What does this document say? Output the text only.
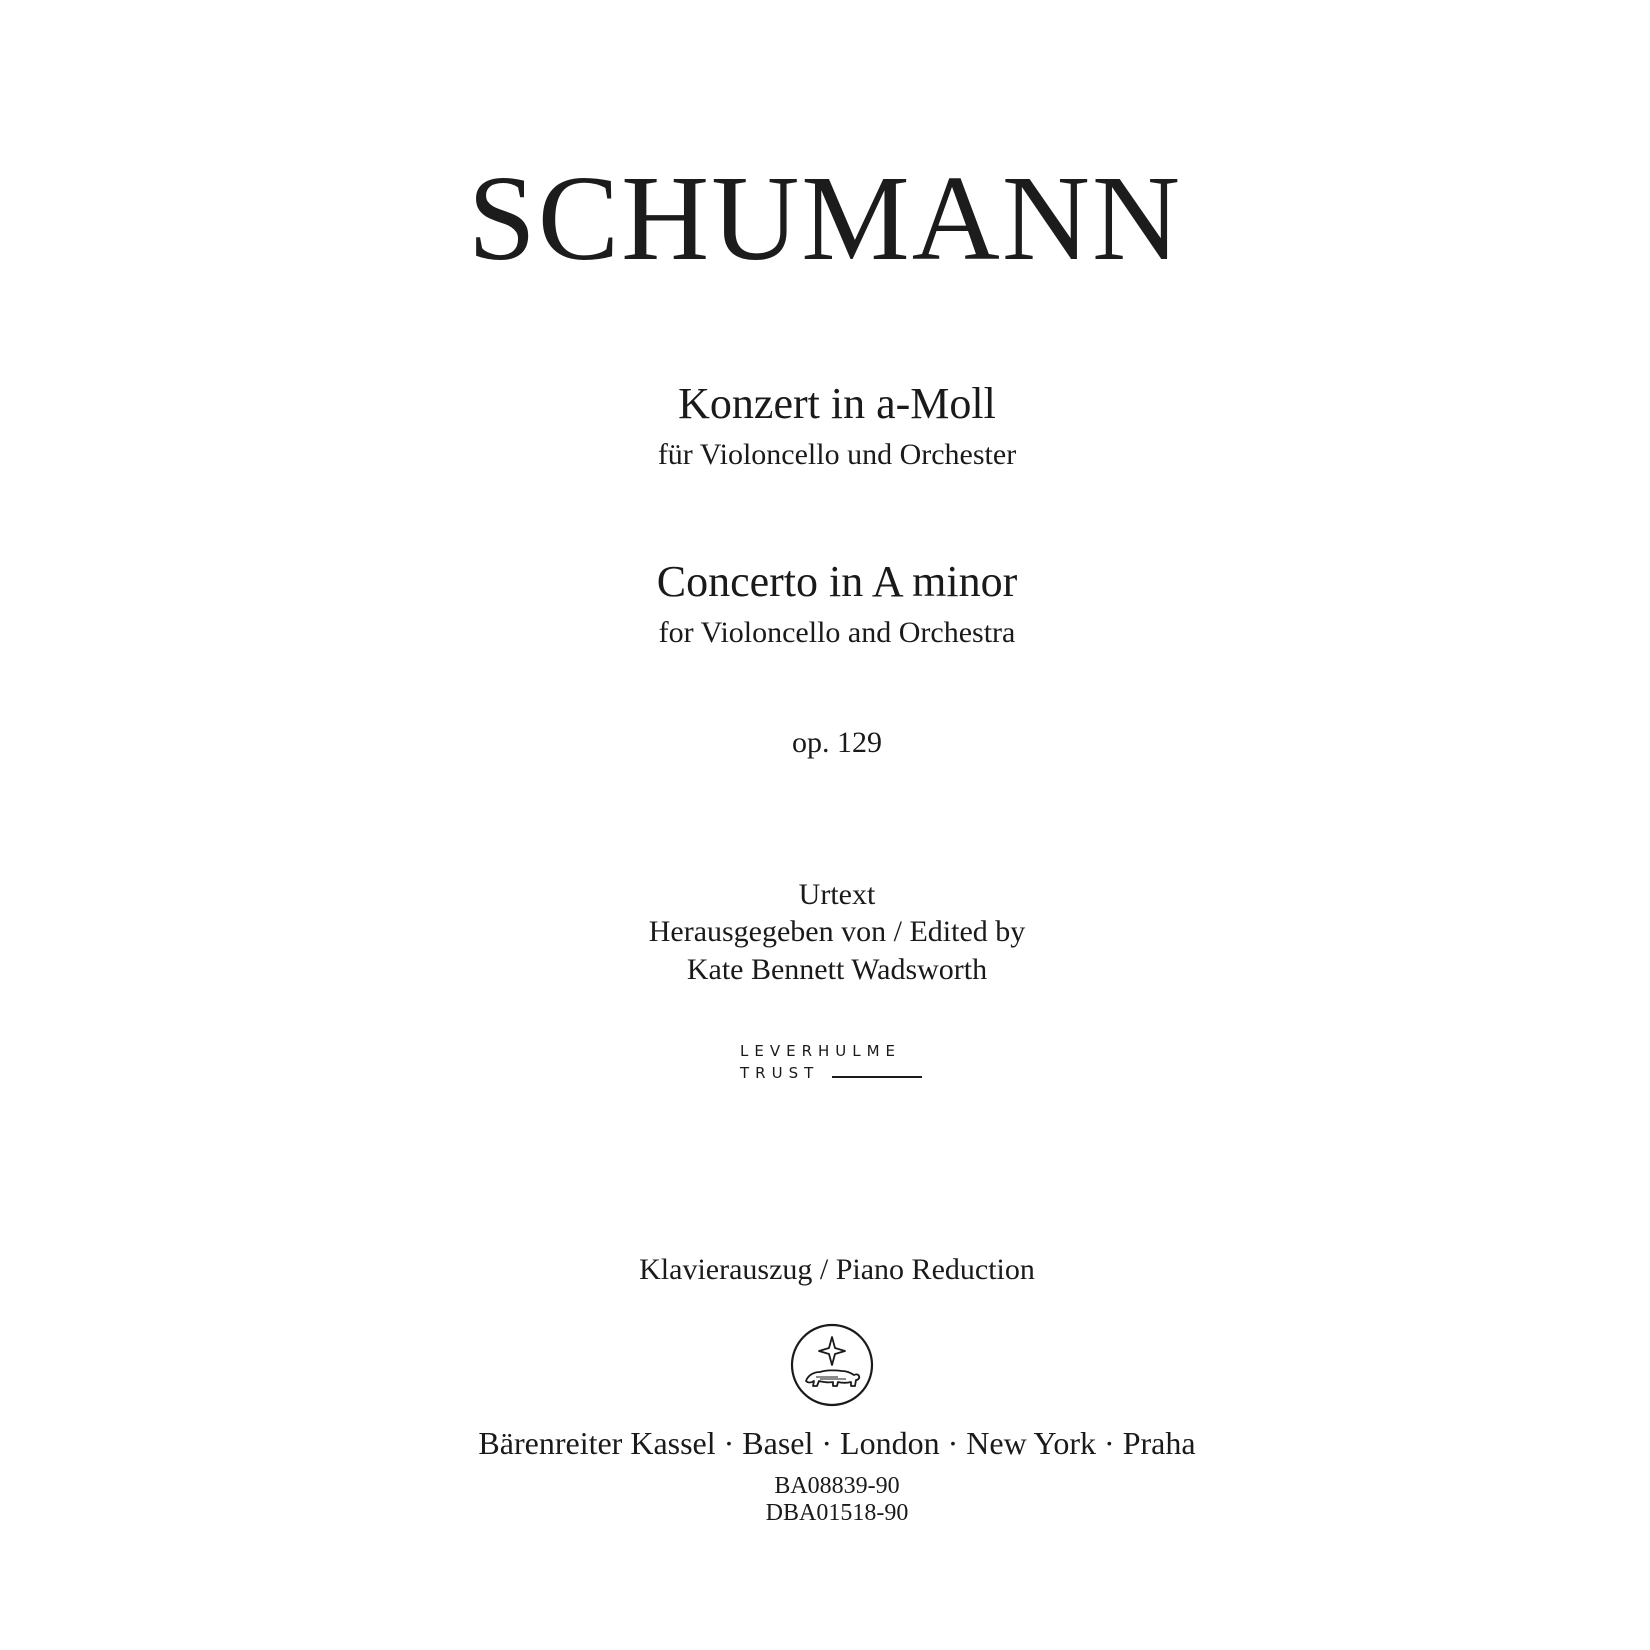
SCHUMANN
Konzert in a-Moll
für Violoncello und Orchester
Concerto in A minor
for Violoncello and Orchestra
op. 129
Urtext
Herausgegeben von / Edited by
Kate Bennett Wadsworth
LEVERHULME
TRUST
Klavierauszug / Piano Reduction
Bärenreiter Kassel · Basel · London · New York · Praha
BA08839-90
DBA01518-90
